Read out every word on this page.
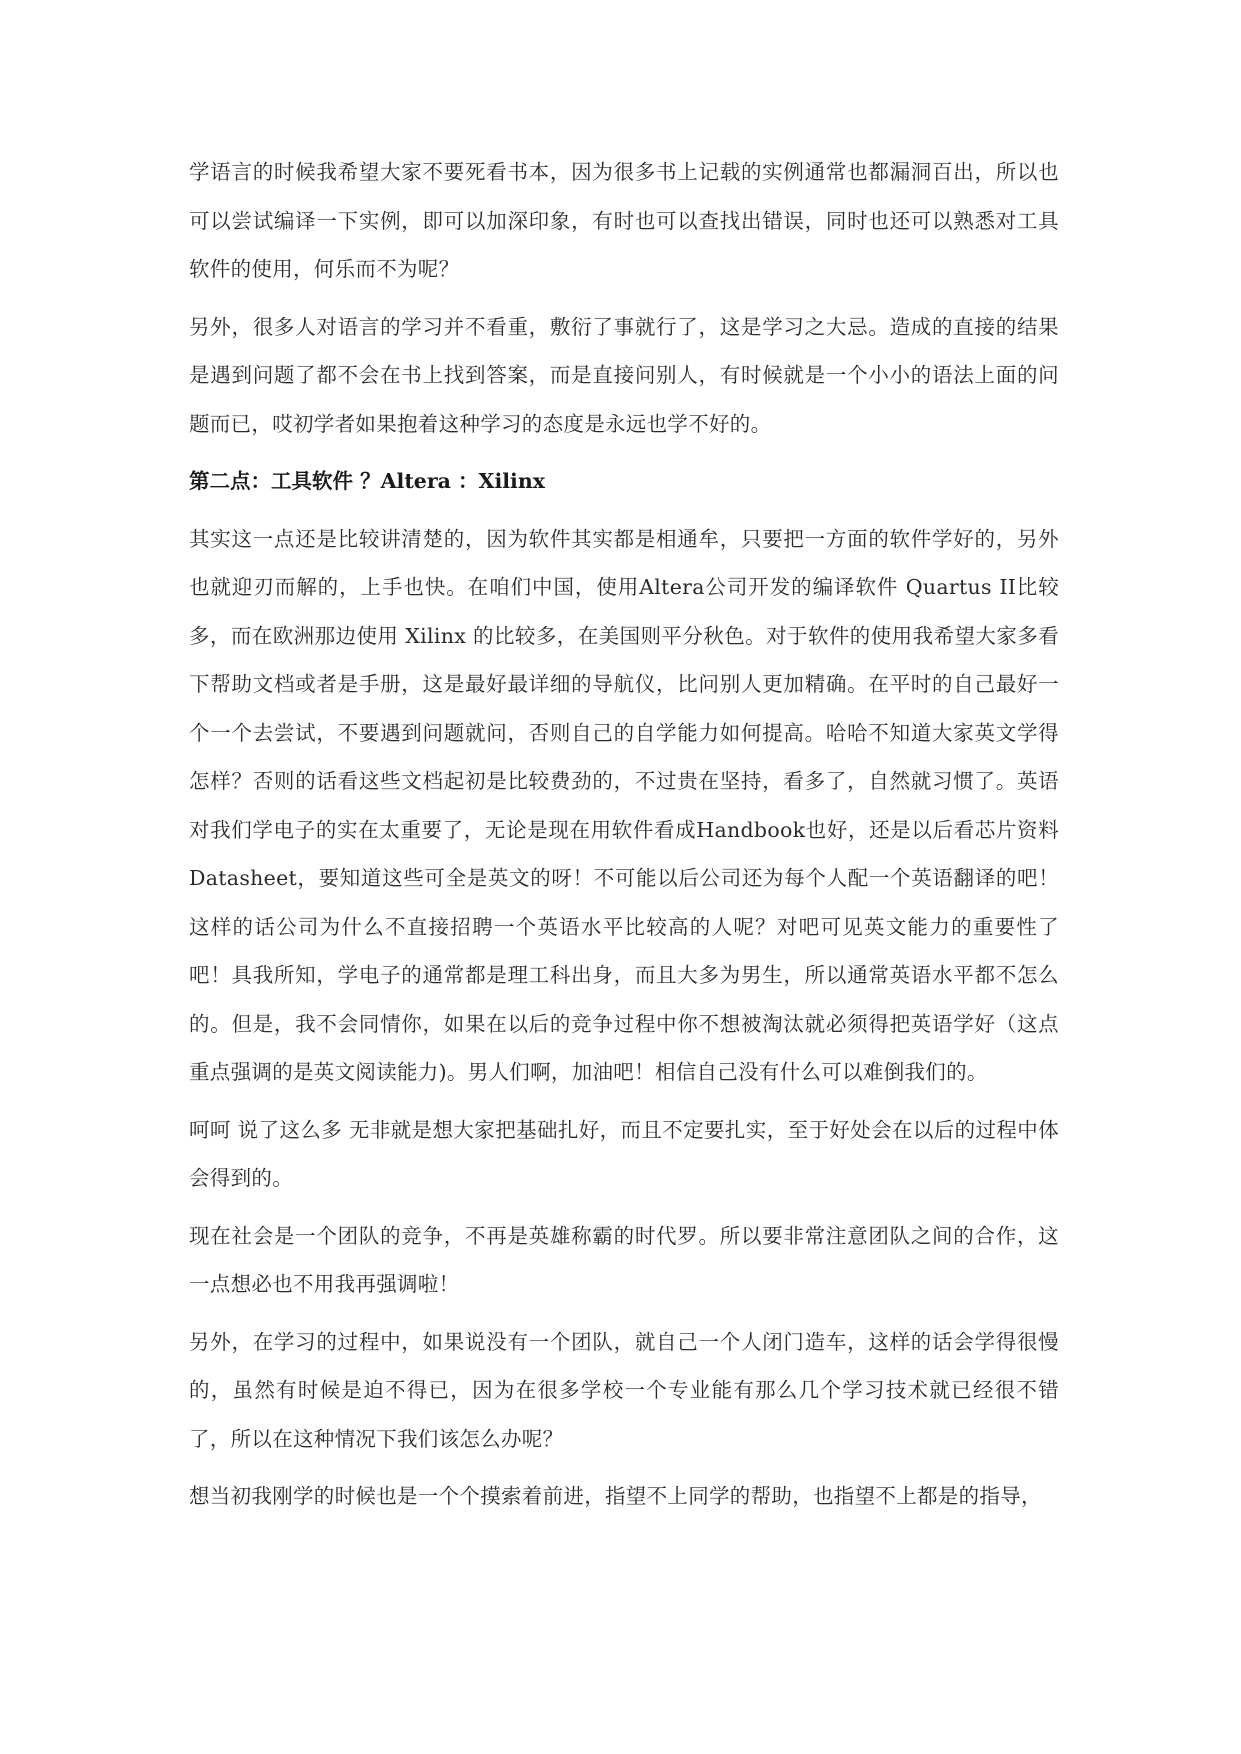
学语言的时候我希望大家不要死看书本，因为很多书上记载的实例通常也都漏洞百出，所以也可以尝试编译一下实例，即可以加深印象，有时也可以查找出错误，同时也还可以熟悉对工具软件的使用，何乐而不为呢？

另外，很多人对语言的学习并不看重，敷衍了事就行了，这是学习之大忌。造成的直接的结果是遇到问题了都不会在书上找到答案，而是直接问别人，有时候就是一个小小的语法上面的问题而已，哎初学者如果抱着这种学习的态度是永远也学不好的。

第二点：工具软件 ？Altera ：Xilinx

其实这一点还是比较讲清楚的，因为软件其实都是相通牟，只要把一方面的软件学好的，另外也就迎刃而解的，上手也快。在咱们中国，使用Altera公司开发的编译软件 Quartus II比较多，而在欧洲那边使用 Xilinx 的比较多，在美国则平分秋色。对于软件的使用我希望大家多看下帮助文档或者是手册，这是最好最详细的导航仪，比问别人更加精确。在平时的自己最好一个一个去尝试，不要遇到问题就问，否则自己的自学能力如何提高。哈哈不知道大家英文学得怎样？否则的话看这些文档起初是比较费劲的，不过贵在坚持，看多了，自然就习惯了。英语对我们学电子的实在太重要了，无论是现在用软件看成Handbook也好，还是以后看芯片资料Datasheet，要知道这些可全是英文的呀！不可能以后公司还为每个人配一个英语翻译的吧！这样的话公司为什么不直接招聘一个英语水平比较高的人呢？对吧可见英文能力的重要性了吧！具我所知，学电子的通常都是理工科出身，而且大多为男生，所以通常英语水平都不怎么的。但是，我不会同情你，如果在以后的竞争过程中你不想被淘汰就必须得把英语学好（这点重点强调的是英文阅读能力)。男人们啊，加油吧！相信自己没有什么可以难倒我们的。

呵呵 说了这么多 无非就是想大家把基础扎好，而且不定要扎实，至于好处会在以后的过程中体会得到的。

现在社会是一个团队的竞争，不再是英雄称霸的时代罗。所以要非常注意团队之间的合作，这一点想必也不用我再强调啦！

另外，在学习的过程中，如果说没有一个团队，就自己一个人闭门造车，这样的话会学得很慢的，虽然有时候是迫不得已，因为在很多学校一个专业能有那么几个学习技术就已经很不错了，所以在这种情况下我们该怎么办呢？

想当初我刚学的时候也是一个个摸索着前进，指望不上同学的帮助，也指望不上都是的指导，
